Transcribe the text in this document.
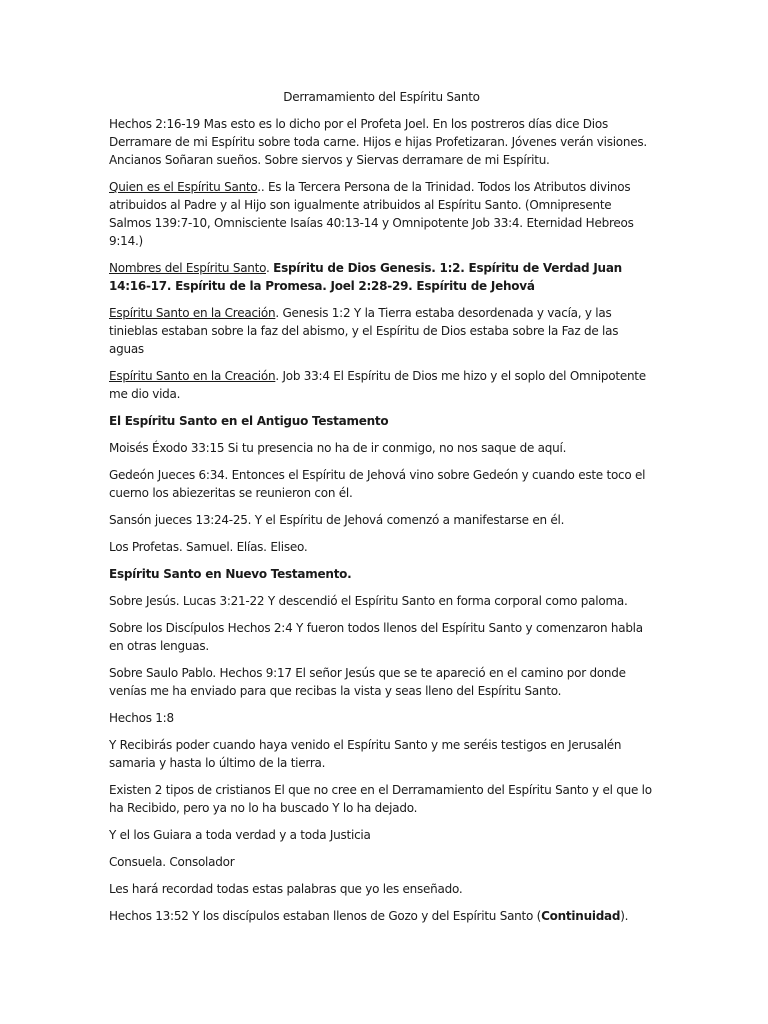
Derramamiento del Espíritu Santo
Hechos 2:16-19 Mas esto es lo dicho por el Profeta Joel. En los postreros días dice Dios Derramare de mi Espíritu sobre toda carne. Hijos e hijas Profetizaran. Jóvenes verán visiones. Ancianos Soñaran sueños. Sobre siervos y Siervas derramare de mi Espíritu.
Quien es el Espíritu Santo.. Es la Tercera Persona de la Trinidad. Todos los Atributos divinos atribuidos al Padre y al Hijo son igualmente atribuidos al Espíritu Santo. (Omnipresente Salmos 139:7-10, Omnisciente Isaías 40:13-14 y Omnipotente Job 33:4. Eternidad Hebreos 9:14.)
Nombres del Espíritu Santo. Espíritu de Dios Genesis. 1:2. Espíritu de Verdad Juan 14:16-17. Espíritu de la Promesa. Joel 2:28-29. Espíritu de Jehová
Espíritu Santo en la Creación. Genesis 1:2 Y la Tierra estaba desordenada y vacía, y las tinieblas estaban sobre la faz del abismo, y el Espíritu de Dios estaba sobre la Faz de las aguas
Espíritu Santo en la Creación. Job 33:4 El Espíritu de Dios me hizo y el soplo del Omnipotente me dio vida.
El Espíritu Santo en el Antiguo Testamento
Moisés Éxodo 33:15 Si tu presencia no ha de ir conmigo, no nos saque de aquí.
Gedeón Jueces 6:34. Entonces el Espíritu de Jehová vino sobre Gedeón y cuando este toco el cuerno los abiezeritas se reunieron con él.
Sansón jueces 13:24-25. Y el Espíritu de Jehová comenzó a manifestarse en él.
Los Profetas. Samuel. Elías. Eliseo.
Espíritu Santo en Nuevo Testamento.
Sobre Jesús. Lucas 3:21-22 Y descendió el Espíritu Santo en forma corporal como paloma.
Sobre los Discípulos Hechos 2:4 Y fueron todos llenos del Espíritu Santo y comenzaron habla en otras lenguas.
Sobre Saulo Pablo. Hechos 9:17 El señor Jesús que se te apareció en el camino por donde venías me ha enviado para que recibas la vista y seas lleno del Espíritu Santo.
Hechos 1:8
Y Recibirás poder cuando haya venido el Espíritu Santo y me seréis testigos en Jerusalén samaria y hasta lo último de la tierra.
Existen 2 tipos de cristianos El que no cree en el Derramamiento del Espíritu Santo y el que lo ha Recibido, pero ya no lo ha buscado Y lo ha dejado.
Y el los Guiara a toda verdad y a toda Justicia
Consuela. Consolador
Les hará recordad todas estas palabras que yo les enseñado.
Hechos 13:52 Y los discípulos estaban llenos de Gozo y del Espíritu Santo (Continuidad).
